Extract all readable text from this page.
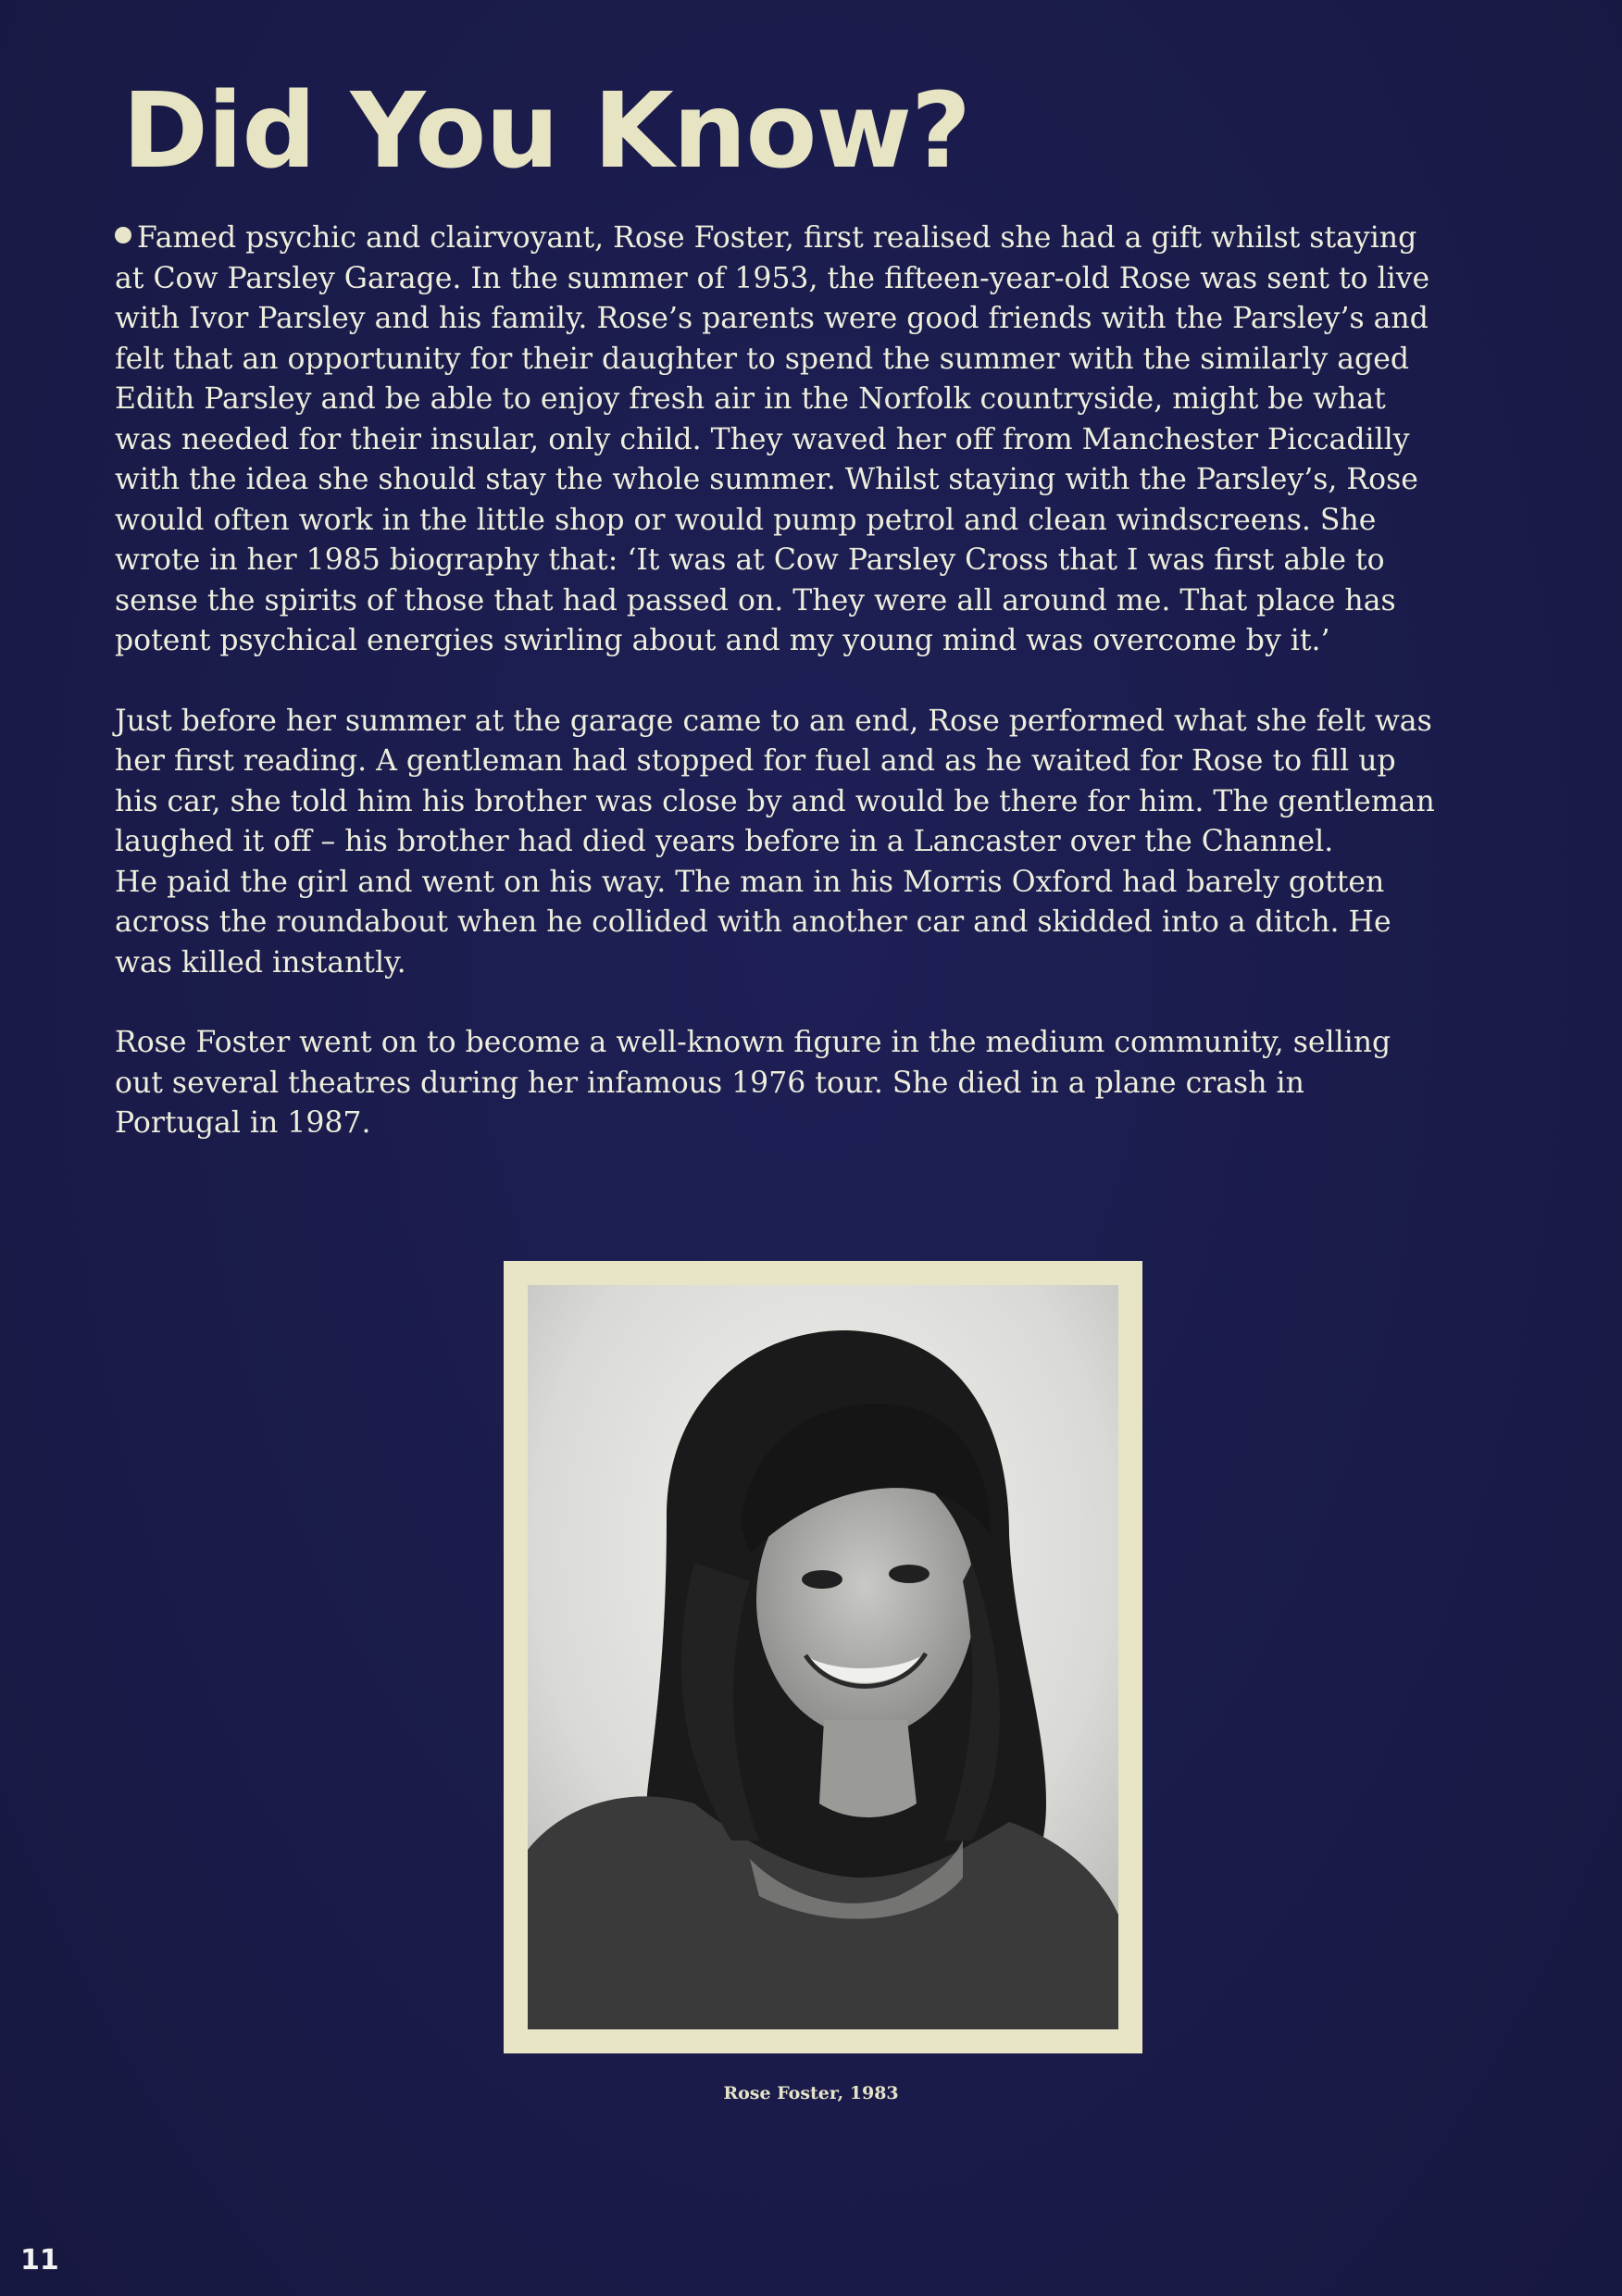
Did You Know?

Famed psychic and clairvoyant, Rose Foster, first realised she had a gift whilst staying
at Cow Parsley Garage. In the summer of 1953, the fifteen-year-old Rose was sent to live
with Ivor Parsley and his family. Rose’s parents were good friends with the Parsley’s and
felt that an opportunity for their daughter to spend the summer with the similarly aged
Edith Parsley and be able to enjoy fresh air in the Norfolk countryside, might be what
was needed for their insular, only child. They waved her off from Manchester Piccadilly
with the idea she should stay the whole summer. Whilst staying with the Parsley’s, Rose
would often work in the little shop or would pump petrol and clean windscreens. She
wrote in her 1985 biography that: ‘It was at Cow Parsley Cross that I was first able to
sense the spirits of those that had passed on. They were all around me. That place has
potent psychical energies swirling about and my young mind was overcome by it.’

Just before her summer at the garage came to an end, Rose performed what she felt was
her first reading. A gentleman had stopped for fuel and as he waited for Rose to fill up
his car, she told him his brother was close by and would be there for him. The gentleman
laughed it off – his brother had died years before in a Lancaster over the Channel.
He paid the girl and went on his way. The man in his Morris Oxford had barely gotten
across the roundabout when he collided with another car and skidded into a ditch. He
was killed instantly.

Rose Foster went on to become a well-known figure in the medium community, selling
out several theatres during her infamous 1976 tour. She died in a plane crash in
Portugal in 1987.

Rose Foster, 1983
11
